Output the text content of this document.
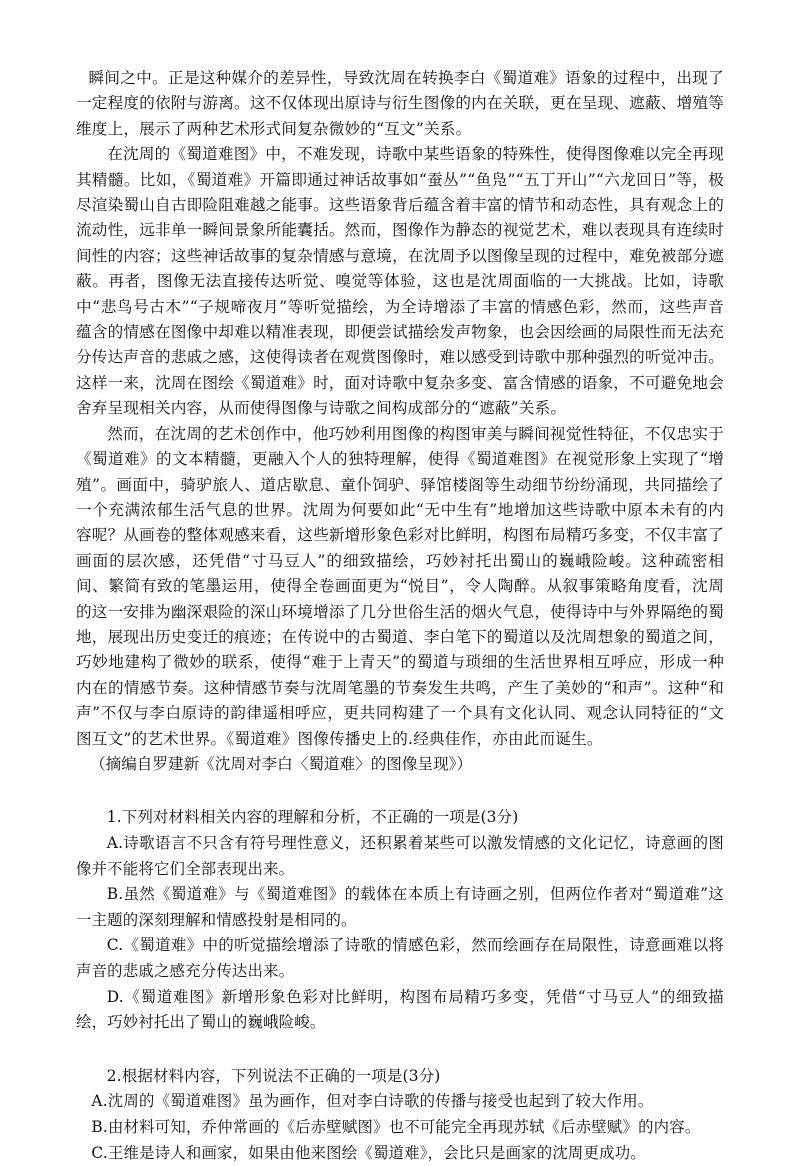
瞬间之中。正是这种媒介的差异性，导致沈周在转换李白《蜀道难》语象的过程中，出现了一定程度的依附与游离。这不仅体现出原诗与衍生图像的内在关联，更在呈现、遮蔽、增殖等维度上，展示了两种艺术形式间复杂微妙的“互文”关系。

在沈周的《蜀道难图》中，不难发现，诗歌中某些语象的特殊性，使得图像难以完全再现其精髓。比如，《蜀道难》开篇即通过神话故事如“蚕丛”“鱼凫”“五丁开山”“六龙回日”等，极尽渲染蜀山自古即险阻难越之能事。这些语象背后蕴含着丰富的情节和动态性，具有观念上的流动性，远非单一瞬间景象所能囊括。然而，图像作为静态的视觉艺术，难以表现具有连续时间性的内容；这些神话故事的复杂情感与意境，在沈周予以图像呈现的过程中，难免被部分遮蔽。再者，图像无法直接传达听觉、嗅觉等体验，这也是沈周面临的一大挑战。比如，诗歌中“悲鸟号古木”“子规啼夜月”等听觉描绘，为全诗增添了丰富的情感色彩，然而，这些声音蕴含的情感在图像中却难以精准表现，即便尝试描绘发声物象，也会因绘画的局限性而无法充分传达声音的悲戚之感，这使得读者在观赏图像时，难以感受到诗歌中那种强烈的听觉冲击。这样一来，沈周在图绘《蜀道难》时，面对诗歌中复杂多变、富含情感的语象，不可避免地会舍弃呈现相关内容，从而使得图像与诗歌之间构成部分的“遮蔽”关系。

然而，在沈周的艺术创作中，他巧妙利用图像的构图审美与瞬间视觉性特征，不仅忠实于《蜀道难》的文本精髓，更融入个人的独特理解，使得《蜀道难图》在视觉形象上实现了“增殖”。画面中，骑驴旅人、道店歇息、童仆饲驴、驿馆楼阁等生动细节纷纷涌现，共同描绘了一个充满浓郁生活气息的世界。沈周为何要如此“无中生有”地增加这些诗歌中原本未有的内容呢？从画卷的整体观感来看，这些新增形象色彩对比鲜明，构图布局精巧多变，不仅丰富了画面的层次感，还凭借“寸马豆人”的细致描绘，巧妙衬托出蜀山的巍峨险峻。这种疏密相间、繁简有致的笔墨运用，使得全卷画面更为“悦目”，令人陶醉。从叙事策略角度看，沈周的这一安排为幽深艰险的深山环境增添了几分世俗生活的烟火气息，使得诗中与外界隔绝的蜀地，展现出历史变迁的痕迹；在传说中的古蜀道、李白笔下的蜀道以及沈周想象的蜀道之间，巧妙地建构了微妙的联系，使得“难于上青天”的蜀道与琐细的生活世界相互呼应，形成一种内在的情感节奏。这种情感节奏与沈周笔墨的节奏发生共鸣，产生了美妙的“和声”。这种“和声”不仅与李白原诗的韵律遥相呼应，更共同构建了一个具有文化认同、观念认同特征的“文图互文”的艺术世界。《蜀道难》图像传播史上的.经典佳作，亦由此而诞生。

（摘编自罗建新《沈周对李白〈蜀道难〉的图像呈现》）

1.下列对材料相关内容的理解和分析，不正确的一项是(3分)

A.诗歌语言不只含有符号理性意义，还积累着某些可以激发情感的文化记忆，诗意画的图像并不能将它们全部表现出来。

B.虽然《蜀道难》与《蜀道难图》的载体在本质上有诗画之别，但两位作者对“蜀道难”这一主题的深刻理解和情感投射是相同的。

C.《蜀道难》中的听觉描绘增添了诗歌的情感色彩，然而绘画存在局限性，诗意画难以将声音的悲戚之感充分传达出来。

D.《蜀道难图》新增形象色彩对比鲜明，构图布局精巧多变，凭借“寸马豆人”的细致描绘，巧妙衬托出了蜀山的巍峨险峻。

2.根据材料内容，下列说法不正确的一项是(3分)

A.沈周的《蜀道难图》虽为画作，但对李白诗歌的传播与接受也起到了较大作用。

B.由材料可知，乔仲常画的《后赤壁赋图》也不可能完全再现苏轼《后赤壁赋》的内容。

C.王维是诗人和画家，如果由他来图绘《蜀道难》，会比只是画家的沈周更成功。
